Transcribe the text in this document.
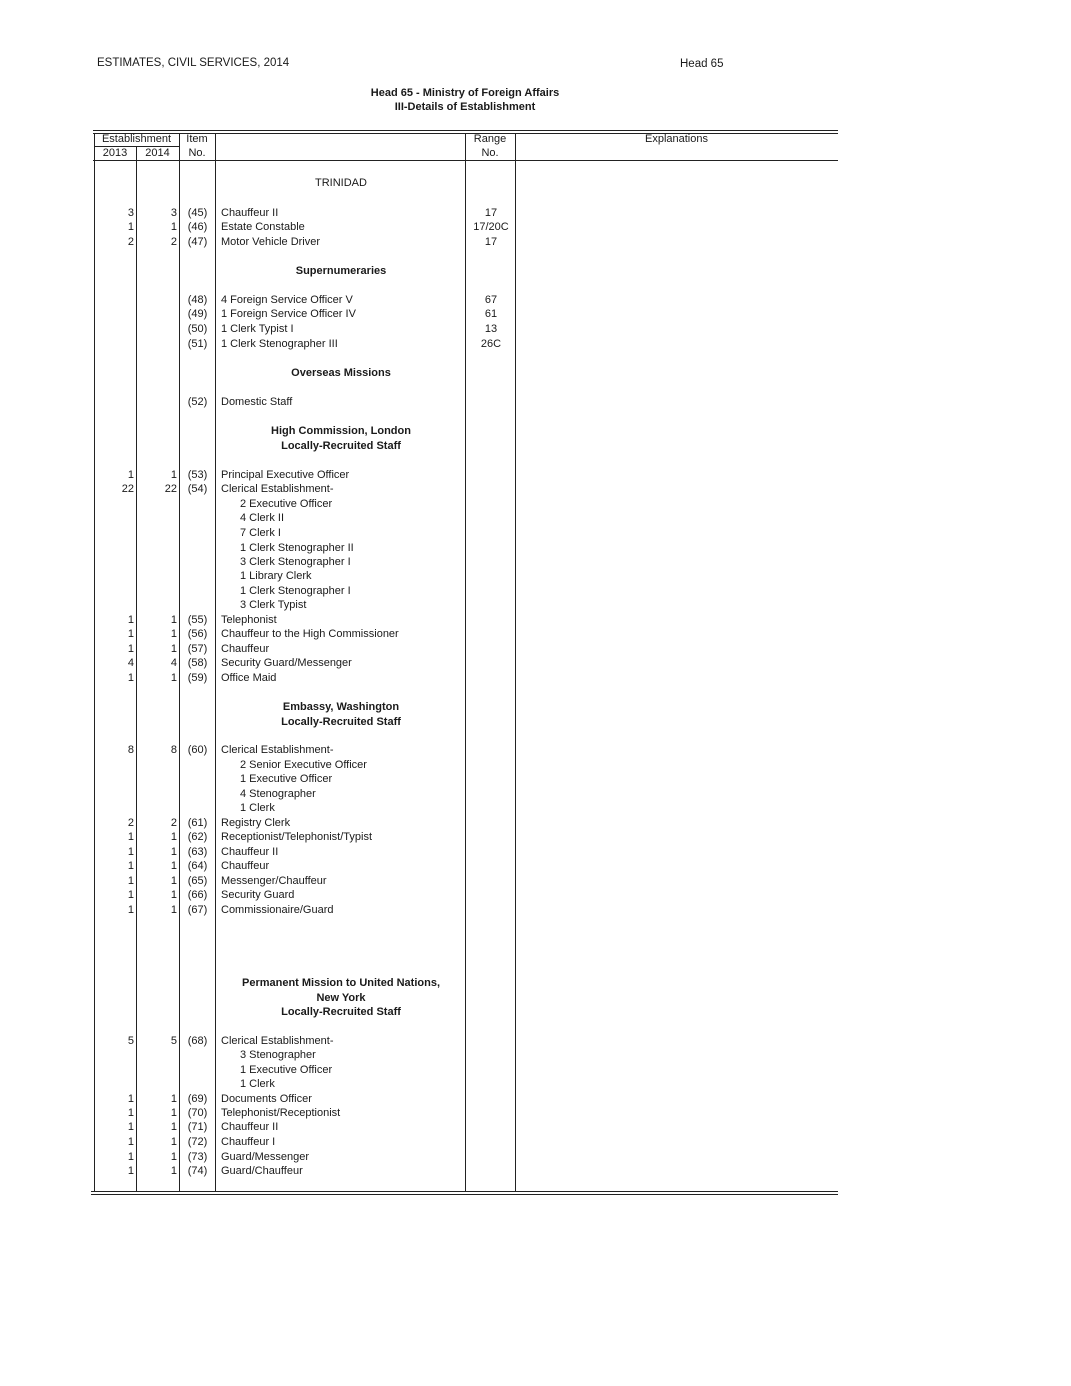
ESTIMATES, CIVIL SERVICES, 2014	Head 65
Head 65 - Ministry of Foreign Affairs
III-Details of Establishment
Establishment
2013	2014
Item
No.
Range
No.
Explanations
TRINIDAD
3	3 (45)	Chauffeur II	17
1	1 (46)	Estate Constable	17/20C
2	2 (47)	Motor Vehicle Driver	17
Supernumeraries
(48)	4 Foreign Service Officer V	67
(49)	1 Foreign Service Officer IV	61
(50)	1 Clerk Typist I	13
(51)	1 Clerk Stenographer III	26C
Overseas Missions
(52)	Domestic Staff
High Commission, London
Locally-Recruited Staff
1	1 (53)	Principal Executive Officer
22	22 (54)	Clerical Establishment-
2 Executive Officer
4 Clerk II
7 Clerk I
1 Clerk Stenographer II
3 Clerk Stenographer I
1 Library Clerk
1 Clerk Stenographer I
3 Clerk Typist
1	1 (55)	Telephonist
1	1 (56)	Chauffeur to the High Commissioner
1	1 (57)	Chauffeur
4	4 (58)	Security Guard/Messenger
1	1 (59)	Office Maid
Embassy, Washington
Locally-Recruited Staff
8	8 (60)	Clerical Establishment-
2 Senior Executive Officer
1 Executive Officer
4 Stenographer
1 Clerk
2	2 (61)	Registry Clerk
1	1 (62)	Receptionist/Telephonist/Typist
1	1 (63)	Chauffeur II
1	1 (64)	Chauffeur
1	1 (65)	Messenger/Chauffeur
1	1 (66)	Security Guard
1	1 (67)	Commissionaire/Guard
Permanent Mission to United Nations,
New York
Locally-Recruited Staff
5	5 (68)	Clerical Establishment-
3 Stenographer
1 Executive Officer
1 Clerk
1	1 (69)	Documents Officer
1	1 (70)	Telephonist/Receptionist
1	1 (71)	Chauffeur II
1	1 (72)	Chauffeur I
1	1 (73)	Guard/Messenger
1	1 (74)	Guard/Chauffeur
